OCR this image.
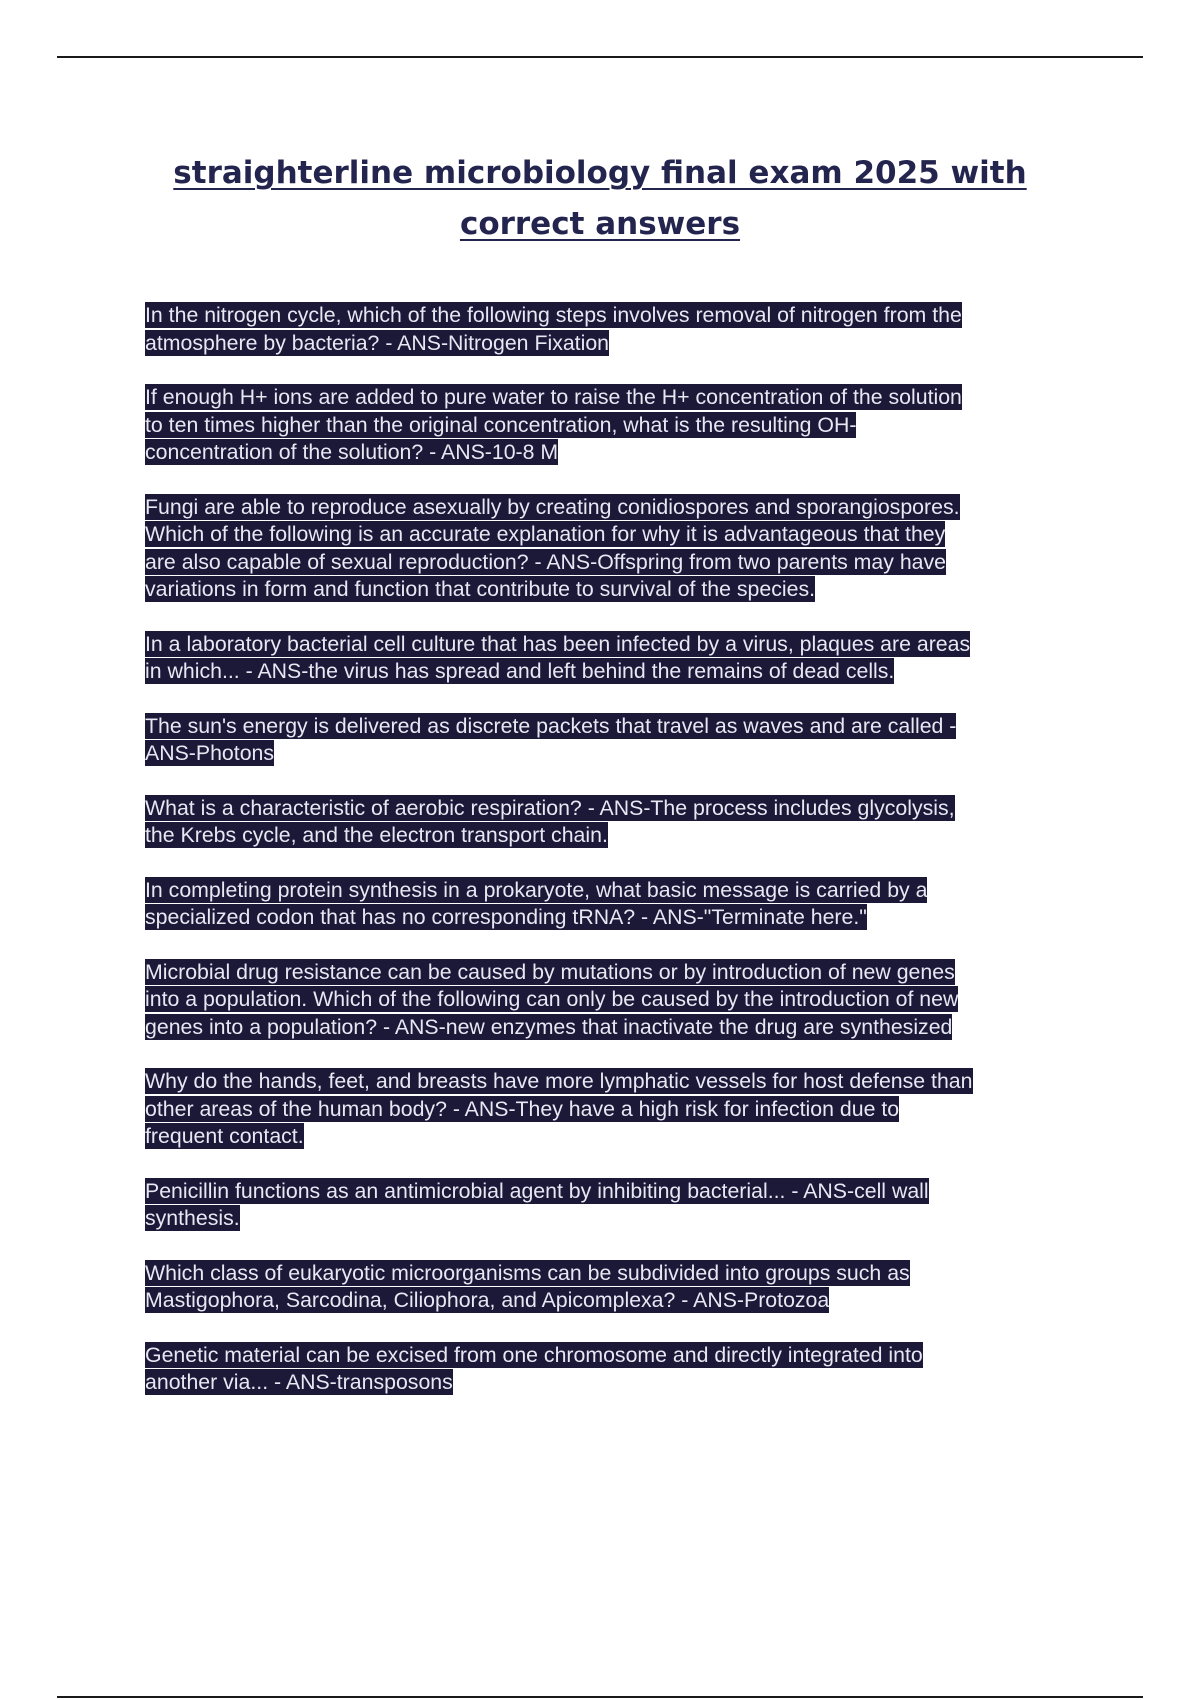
straighterline microbiology final exam 2025 with
correct answers

In the nitrogen cycle, which of the following steps involves removal of nitrogen from the
atmosphere by bacteria? - ANS-Nitrogen Fixation

If enough H+ ions are added to pure water to raise the H+ concentration of the solution
to ten times higher than the original concentration, what is the resulting OH-
concentration of the solution? - ANS-10-8 M

Fungi are able to reproduce asexually by creating conidiospores and sporangiospores.
Which of the following is an accurate explanation for why it is advantageous that they
are also capable of sexual reproduction? - ANS-Offspring from two parents may have
variations in form and function that contribute to survival of the species.

In a laboratory bacterial cell culture that has been infected by a virus, plaques are areas
in which... - ANS-the virus has spread and left behind the remains of dead cells.

The sun's energy is delivered as discrete packets that travel as waves and are called -
ANS-Photons

What is a characteristic of aerobic respiration? - ANS-The process includes glycolysis,
the Krebs cycle, and the electron transport chain.

In completing protein synthesis in a prokaryote, what basic message is carried by a
specialized codon that has no corresponding tRNA? - ANS-"Terminate here."

Microbial drug resistance can be caused by mutations or by introduction of new genes
into a population. Which of the following can only be caused by the introduction of new
genes into a population? - ANS-new enzymes that inactivate the drug are synthesized

Why do the hands, feet, and breasts have more lymphatic vessels for host defense than
other areas of the human body? - ANS-They have a high risk for infection due to
frequent contact.

Penicillin functions as an antimicrobial agent by inhibiting bacterial... - ANS-cell wall
synthesis.

Which class of eukaryotic microorganisms can be subdivided into groups such as
Mastigophora, Sarcodina, Ciliophora, and Apicomplexa? - ANS-Protozoa

Genetic material can be excised from one chromosome and directly integrated into
another via... - ANS-transposons
